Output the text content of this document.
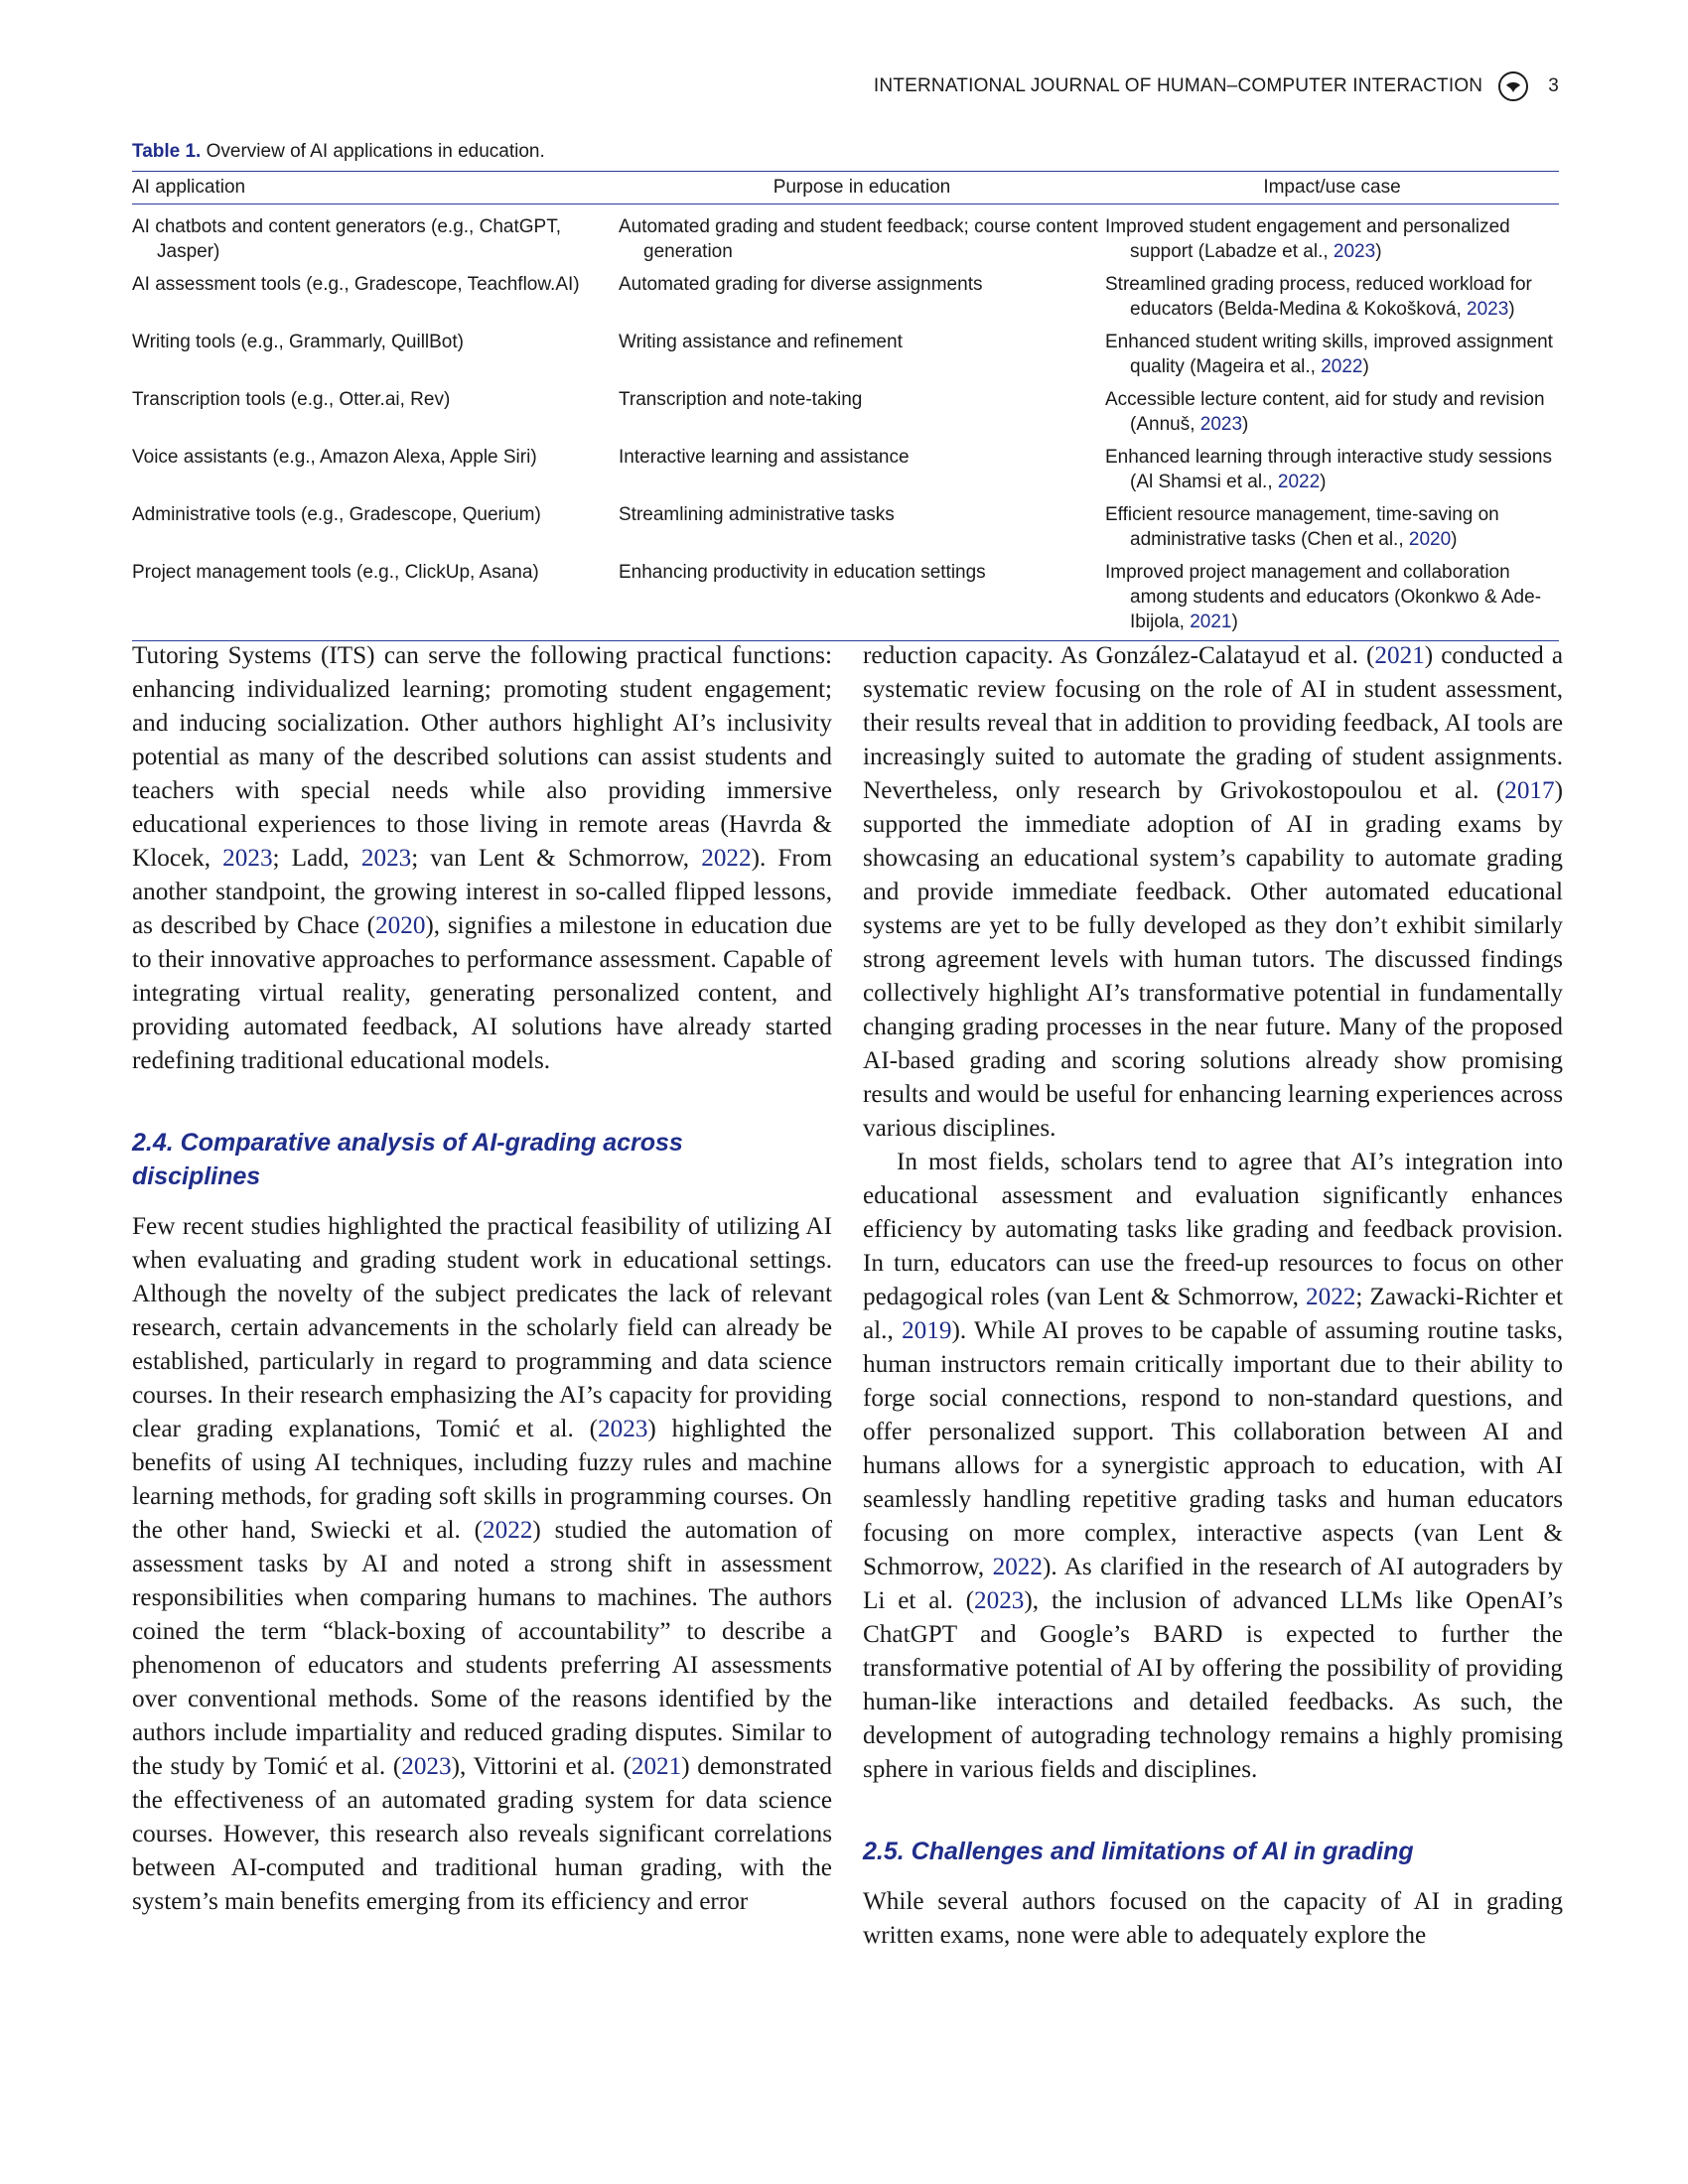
INTERNATIONAL JOURNAL OF HUMAN–COMPUTER INTERACTION	3
Table 1. Overview of AI applications in education.
AI application	Purpose in education	Impact/use case
AI chatbots and content generators (e.g., ChatGPT, Jasper)	Automated grading and student feedback; course content generation	Improved student engagement and personalized support (Labadze et al., 2023)
AI assessment tools (e.g., Gradescope, Teachflow.AI)	Automated grading for diverse assignments	Streamlined grading process, reduced workload for educators (Belda-Medina & Kokošková, 2023)
Writing tools (e.g., Grammarly, QuillBot)	Writing assistance and refinement	Enhanced student writing skills, improved assignment quality (Mageira et al., 2022)
Transcription tools (e.g., Otter.ai, Rev)	Transcription and note-taking	Accessible lecture content, aid for study and revision (Annuš, 2023)
Voice assistants (e.g., Amazon Alexa, Apple Siri)	Interactive learning and assistance	Enhanced learning through interactive study sessions (Al Shamsi et al., 2022)
Administrative tools (e.g., Gradescope, Querium)	Streamlining administrative tasks	Efficient resource management, time-saving on administrative tasks (Chen et al., 2020)
Project management tools (e.g., ClickUp, Asana)	Enhancing productivity in education settings	Improved project management and collaboration among students and educators (Okonkwo & Ade-Ibijola, 2021)

Tutoring Systems (ITS) can serve the following practical functions: enhancing individualized learning; promoting student engagement; and inducing socialization. Other authors highlight AI’s inclusivity potential as many of the described solutions can assist students and teachers with special needs while also providing immersive educational experiences to those living in remote areas (Havrda & Klocek, 2023; Ladd, 2023; van Lent & Schmorrow, 2022). From another standpoint, the growing interest in so-called flipped lessons, as described by Chace (2020), signifies a milestone in education due to their innovative approaches to performance assessment. Capable of integrating virtual reality, generating personalized content, and providing automated feedback, AI solutions have already started redefining traditional educational models.

2.4. Comparative analysis of AI-grading across disciplines

Few recent studies highlighted the practical feasibility of utilizing AI when evaluating and grading student work in educational settings. Although the novelty of the subject predicates the lack of relevant research, certain advancements in the scholarly field can already be established, particularly in regard to programming and data science courses. In their research emphasizing the AI’s capacity for providing clear grading explanations, Tomić et al. (2023) highlighted the benefits of using AI techniques, including fuzzy rules and machine learning methods, for grading soft skills in programming courses. On the other hand, Swiecki et al. (2022) studied the automation of assessment tasks by AI and noted a strong shift in assessment responsibilities when comparing humans to machines. The authors coined the term “black-boxing of accountability” to describe a phenomenon of educators and students preferring AI assessments over conventional methods. Some of the reasons identified by the authors include impartiality and reduced grading disputes. Similar to the study by Tomić et al. (2023), Vittorini et al. (2021) demonstrated the effectiveness of an automated grading system for data science courses. However, this research also reveals significant correlations between AI-computed and traditional human grading, with the system’s main benefits emerging from its efficiency and error

reduction capacity. As González-Calatayud et al. (2021) conducted a systematic review focusing on the role of AI in student assessment, their results reveal that in addition to providing feedback, AI tools are increasingly suited to automate the grading of student assignments. Nevertheless, only research by Grivokostopoulou et al. (2017) supported the immediate adoption of AI in grading exams by showcasing an educational system’s capability to automate grading and provide immediate feedback. Other automated educational systems are yet to be fully developed as they don’t exhibit similarly strong agreement levels with human tutors. The discussed findings collectively highlight AI’s transformative potential in fundamentally changing grading processes in the near future. Many of the proposed AI-based grading and scoring solutions already show promising results and would be useful for enhancing learning experiences across various disciplines.

In most fields, scholars tend to agree that AI’s integration into educational assessment and evaluation significantly enhances efficiency by automating tasks like grading and feedback provision. In turn, educators can use the freed-up resources to focus on other pedagogical roles (van Lent & Schmorrow, 2022; Zawacki-Richter et al., 2019). While AI proves to be capable of assuming routine tasks, human instructors remain critically important due to their ability to forge social connections, respond to non-standard questions, and offer personalized support. This collaboration between AI and humans allows for a synergistic approach to education, with AI seamlessly handling repetitive grading tasks and human educators focusing on more complex, interactive aspects (van Lent & Schmorrow, 2022). As clarified in the research of AI autograders by Li et al. (2023), the inclusion of advanced LLMs like OpenAI’s ChatGPT and Google’s BARD is expected to further the transformative potential of AI by offering the possibility of providing human-like interactions and detailed feedbacks. As such, the development of autograding technology remains a highly promising sphere in various fields and disciplines.

2.5. Challenges and limitations of AI in grading

While several authors focused on the capacity of AI in grading written exams, none were able to adequately explore the
